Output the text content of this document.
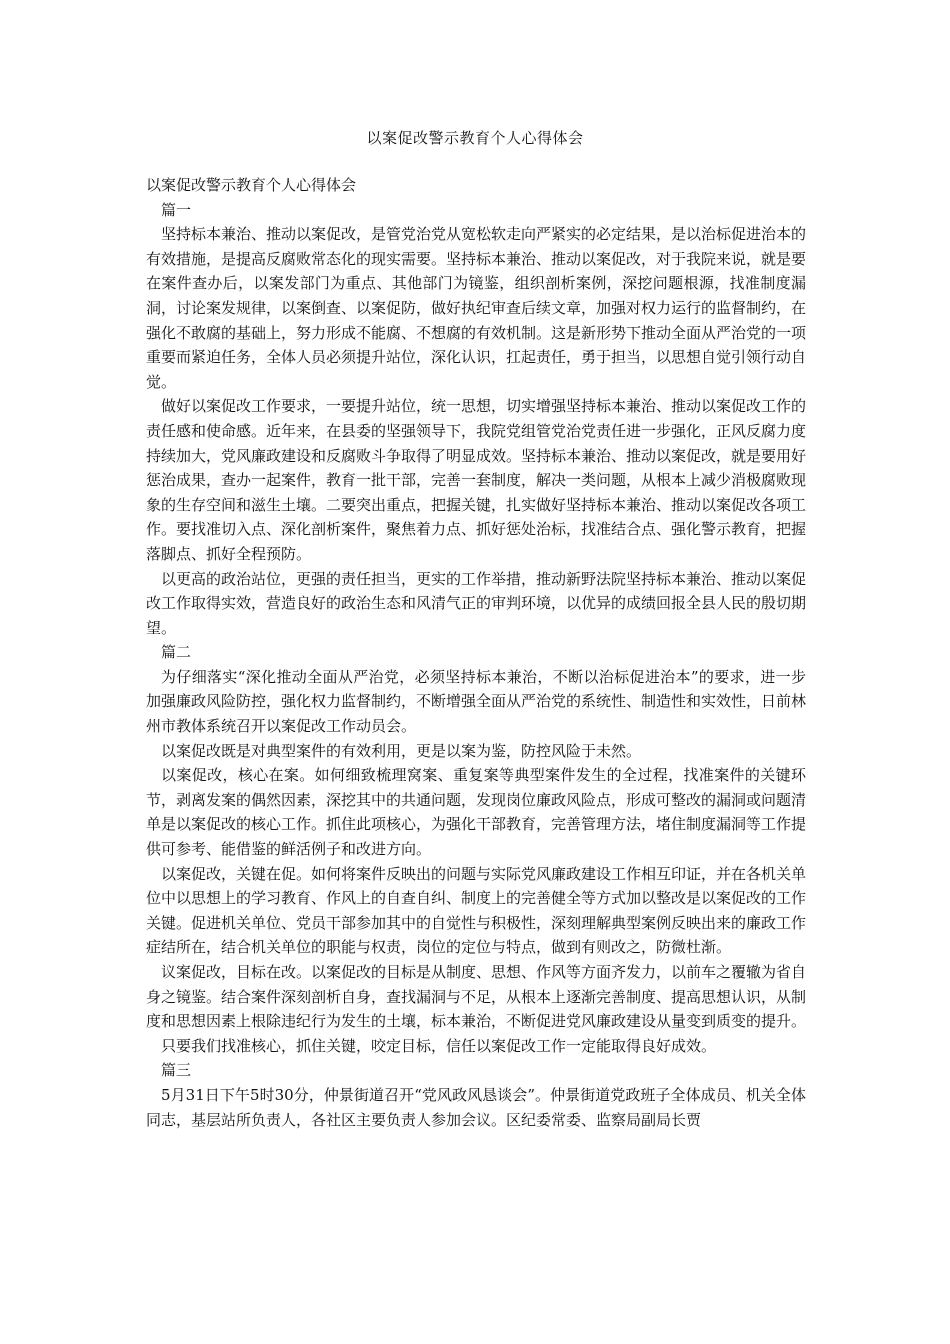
以案促改警示教育个人心得体会

以案促改警示教育个人心得体会

篇一

坚持标本兼治、推动以案促改，是管党治党从宽松软走向严紧实的必定结果，是以治标促进治本的有效措施，是提高反腐败常态化的现实需要。坚持标本兼治、推动以案促改，对于我院来说，就是要在案件查办后，以案发部门为重点、其他部门为镜鉴，组织剖析案例，深挖问题根源，找准制度漏洞，讨论案发规律，以案倒查、以案促防，做好执纪审查后续文章，加强对权力运行的监督制约，在强化不敢腐的基础上，努力形成不能腐、不想腐的有效机制。这是新形势下推动全面从严治党的一项重要而紧迫任务，全体人员必须提升站位，深化认识，扛起责任，勇于担当，以思想自觉引领行动自觉。

做好以案促改工作要求，一要提升站位，统一思想，切实增强坚持标本兼治、推动以案促改工作的责任感和使命感。近年来，在县委的坚强领导下，我院党组管党治党责任进一步强化，正风反腐力度持续加大，党风廉政建设和反腐败斗争取得了明显成效。坚持标本兼治、推动以案促改，就是要用好惩治成果，查办一起案件，教育一批干部，完善一套制度，解决一类问题，从根本上减少消极腐败现象的生存空间和滋生土壤。二要突出重点，把握关键，扎实做好坚持标本兼治、推动以案促改各项工作。要找准切入点、深化剖析案件，聚焦着力点、抓好惩处治标，找准结合点、强化警示教育，把握落脚点、抓好全程预防。

以更高的政治站位，更强的责任担当，更实的工作举措，推动新野法院坚持标本兼治、推动以案促改工作取得实效，营造良好的政治生态和风清气正的审判环境，以优异的成绩回报全县人民的殷切期望。

篇二

为仔细落实“深化推动全面从严治党，必须坚持标本兼治，不断以治标促进治本”的要求，进一步加强廉政风险防控，强化权力监督制约，不断增强全面从严治党的系统性、制造性和实效性，日前林州市教体系统召开以案促改工作动员会。

以案促改既是对典型案件的有效利用，更是以案为鉴，防控风险于未然。

以案促改，核心在案。如何细致梳理窝案、重复案等典型案件发生的全过程，找准案件的关键环节，剥离发案的偶然因素，深挖其中的共通问题，发现岗位廉政风险点，形成可整改的漏洞或问题清单是以案促改的核心工作。抓住此项核心，为强化干部教育，完善管理方法，堵住制度漏洞等工作提供可参考、能借鉴的鲜活例子和改进方向。

以案促改，关键在促。如何将案件反映出的问题与实际党风廉政建设工作相互印证，并在各机关单位中以思想上的学习教育、作风上的自查自纠、制度上的完善健全等方式加以整改是以案促改的工作关键。促进机关单位、党员干部参加其中的自觉性与积极性，深刻理解典型案例反映出来的廉政工作症结所在，结合机关单位的职能与权责，岗位的定位与特点，做到有则改之，防微杜渐。

议案促改，目标在改。以案促改的目标是从制度、思想、作风等方面齐发力，以前车之覆辙为省自身之镜鉴。结合案件深刻剖析自身，查找漏洞与不足，从根本上逐渐完善制度、提高思想认识，从制度和思想因素上根除违纪行为发生的土壤，标本兼治，不断促进党风廉政建设从量变到质变的提升。

只要我们找准核心，抓住关键，咬定目标，信任以案促改工作一定能取得良好成效。

篇三

5月31日下午5时30分，仲景街道召开“党风政风恳谈会”。仲景街道党政班子全体成员、机关全体同志，基层站所负责人，各社区主要负责人参加会议。区纪委常委、监察局副局长贾
